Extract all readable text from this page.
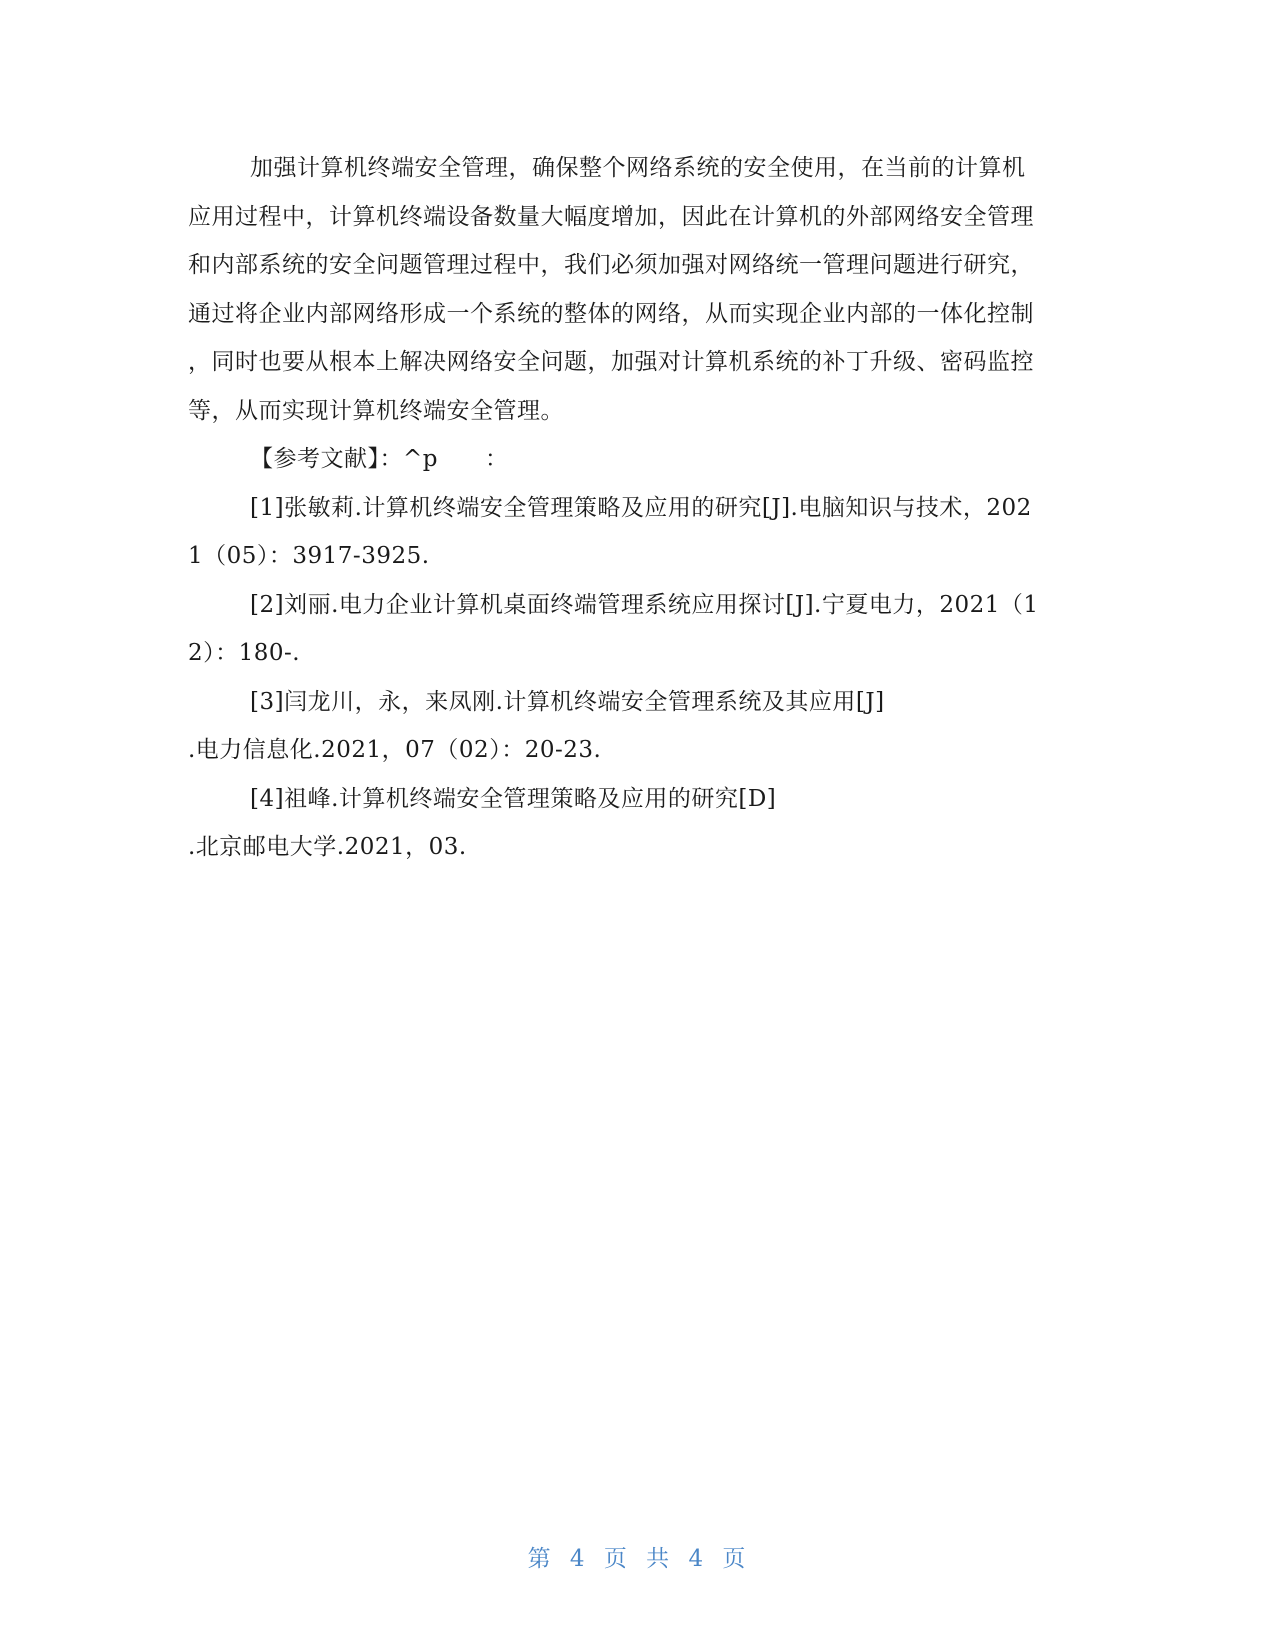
加强计算机终端安全管理，确保整个网络系统的安全使用，在当前的计算机
应用过程中，计算机终端设备数量大幅度增加，因此在计算机的外部网络安全管理
和内部系统的安全问题管理过程中，我们必须加强对网络统一管理问题进行研究，
通过将企业内部网络形成一个系统的整体的网络，从而实现企业内部的一体化控制
，同时也要从根本上解决网络安全问题，加强对计算机系统的补丁升级、密码监控
等，从而实现计算机终端安全管理。
【参考文献】：^p　　：
[1]张敏莉.计算机终端安全管理策略及应用的研究[J].电脑知识与技术，202
1（05）：3917-3925.
[2]刘丽.电力企业计算机桌面终端管理系统应用探讨[J].宁夏电力，2021（1
2）：180-.
[3]闫龙川，永，来凤刚.计算机终端安全管理系统及其应用[J]
.电力信息化.2021，07（02）：20-23.
[4]祖峰.计算机终端安全管理策略及应用的研究[D]
.北京邮电大学.2021，03.
第 4 页 共 4 页
